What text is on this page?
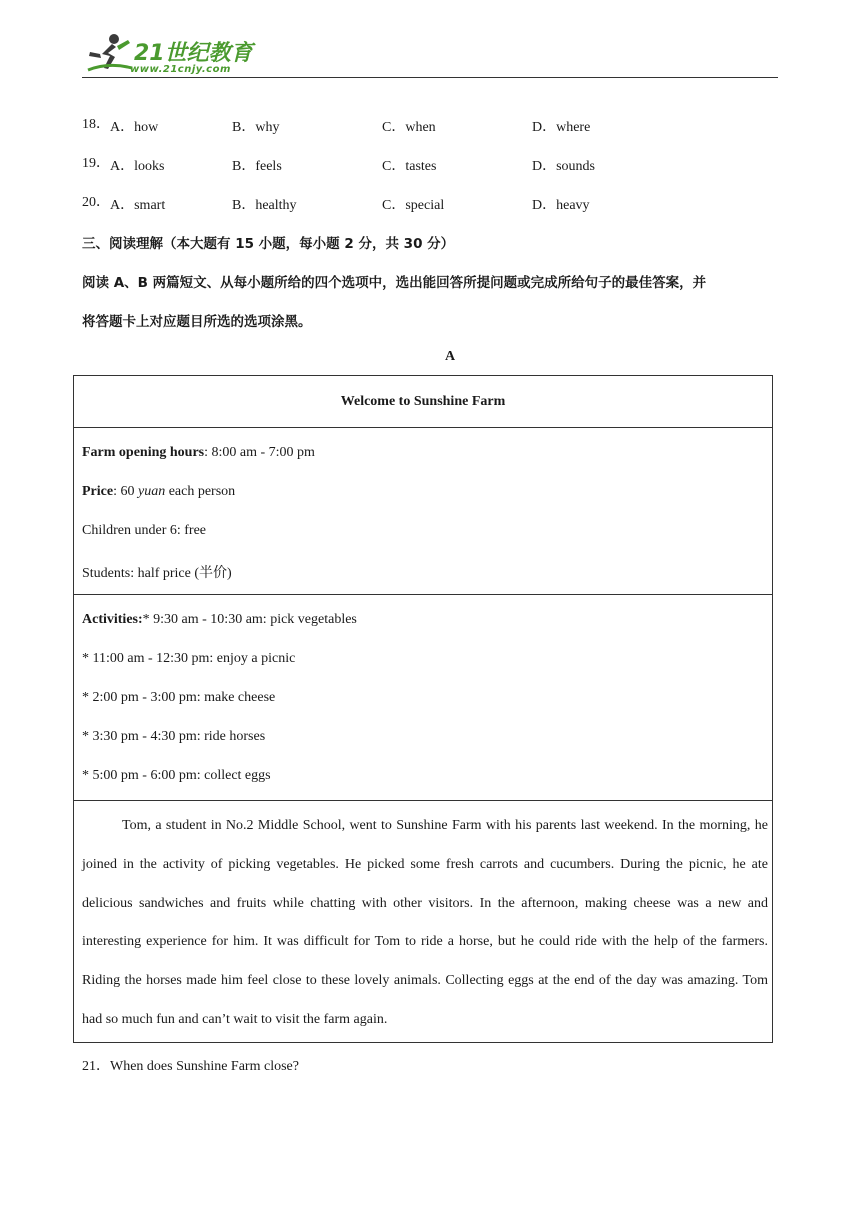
21世纪教育
www.21cnjy.com
18． A．how	B．why	C．when	D．where
19． A．looks	B．feels	C．tastes	D．sounds
20． A．smart	B．healthy	C．special	D．heavy
三、阅读理解（本大题有 15 小题，每小题 2 分，共 30 分）
阅读 A、B 两篇短文、从每小题所给的四个选项中，选出能回答所提问题或完成所给句子的最佳答案，并
将答题卡上对应题目所选的选项涂黑。
A
Welcome to Sunshine Farm
Farm opening hours: 8:00 am - 7:00 pm
Price: 60 yuan each person
Children under 6: free
Students: half price (半价)
Activities:* 9:30 am - 10:30 am: pick vegetables
* 11:00 am - 12:30 pm: enjoy a picnic
* 2:00 pm - 3:00 pm: make cheese
* 3:30 pm - 4:30 pm: ride horses
* 5:00 pm - 6:00 pm: collect eggs
Tom, a student in No.2 Middle School, went to Sunshine Farm with his parents last weekend. In the morning, he joined in the activity of picking vegetables. He picked some fresh carrots and cucumbers. During the picnic, he ate delicious sandwiches and fruits while chatting with other visitors. In the afternoon, making cheese was a new and interesting experience for him. It was difficult for Tom to ride a horse, but he could ride with the help of the farmers. Riding the horses made him feel close to these lovely animals. Collecting eggs at the end of the day was amazing. Tom had so much fun and can’t wait to visit the farm again.
21．When does Sunshine Farm close?
